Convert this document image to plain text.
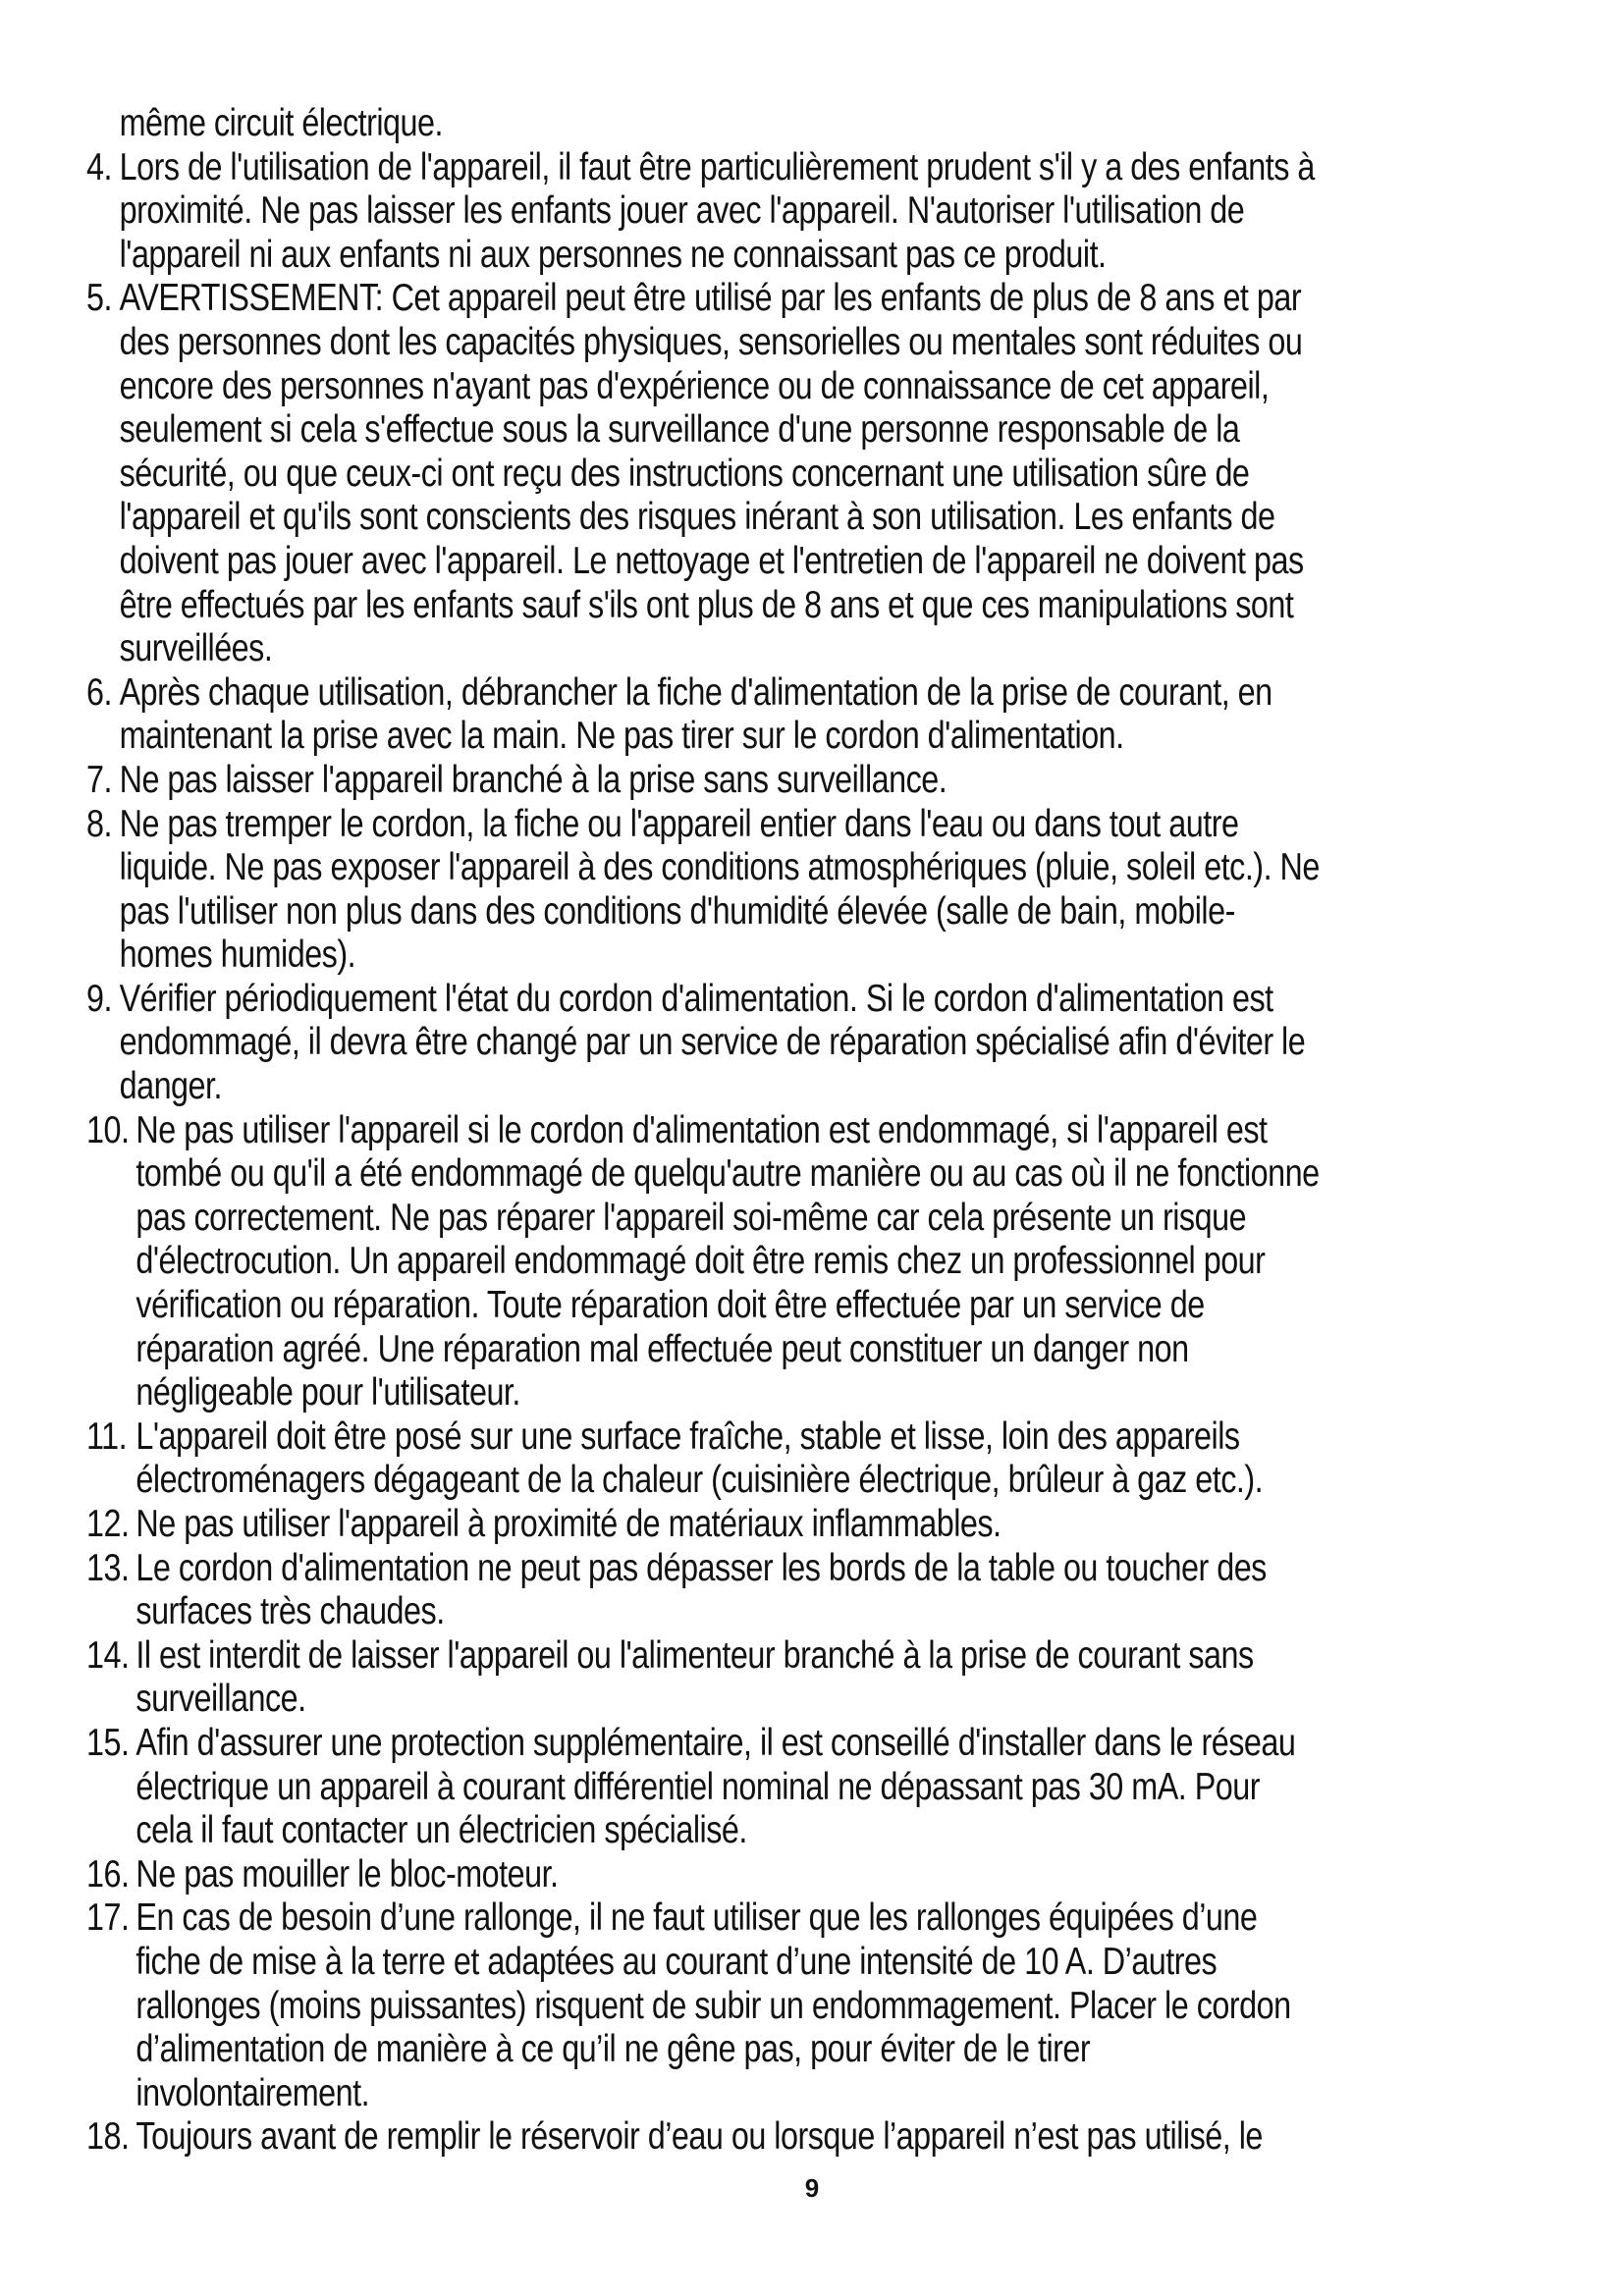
même circuit électrique.
4. Lors de l'utilisation de l'appareil, il faut être particulièrement prudent s'il y a des enfants à proximité. Ne pas laisser les enfants jouer avec l'appareil. N'autoriser l'utilisation de l'appareil ni aux enfants ni aux personnes ne connaissant pas ce produit.
5. AVERTISSEMENT: Cet appareil peut être utilisé par les enfants de plus de 8 ans et par des personnes dont les capacités physiques, sensorielles ou mentales sont réduites ou encore des personnes n'ayant pas d'expérience ou de connaissance de cet appareil, seulement si cela s'effectue sous la surveillance d'une personne responsable de la sécurité, ou que ceux-ci ont reçu des instructions concernant une utilisation sûre de l'appareil et qu'ils sont conscients des risques inérant à son utilisation. Les enfants de doivent pas jouer avec l'appareil. Le nettoyage et l'entretien de l'appareil ne doivent pas être effectués par les enfants sauf s'ils ont plus de 8 ans et que ces manipulations sont surveillées.
6. Après chaque utilisation, débrancher la fiche d'alimentation de la prise de courant, en maintenant la prise avec la main. Ne pas tirer sur le cordon d'alimentation.
7. Ne pas laisser l'appareil branché à la prise sans surveillance.
8. Ne pas tremper le cordon, la fiche ou l'appareil entier dans l'eau ou dans tout autre liquide. Ne pas exposer l'appareil à des conditions atmosphériques (pluie, soleil etc.). Ne pas l'utiliser non plus dans des conditions d'humidité élevée (salle de bain, mobile-homes humides).
9. Vérifier périodiquement l'état du cordon d'alimentation. Si le cordon d'alimentation est endommagé, il devra être changé par un service de réparation spécialisé afin d'éviter le danger.
10. Ne pas utiliser l'appareil si le cordon d'alimentation est endommagé, si l'appareil est tombé ou qu'il a été endommagé de quelqu'autre manière ou au cas où il ne fonctionne pas correctement. Ne pas réparer l'appareil soi-même car cela présente un risque d'électrocution. Un appareil endommagé doit être remis chez un professionnel pour vérification ou réparation. Toute réparation doit être effectuée par un service de réparation agréé. Une réparation mal effectuée peut constituer un danger non négligeable pour l'utilisateur.
11. L'appareil doit être posé sur une surface fraîche, stable et lisse, loin des appareils électroménagers dégageant de la chaleur (cuisinière électrique, brûleur à gaz etc.).
12. Ne pas utiliser l'appareil à proximité de matériaux inflammables.
13. Le cordon d'alimentation ne peut pas dépasser les bords de la table ou toucher des surfaces très chaudes.
14. Il est interdit de laisser l'appareil ou l'alimenteur branché à la prise de courant sans surveillance.
15. Afin d'assurer une protection supplémentaire, il est conseillé d'installer dans le réseau électrique un appareil à courant différentiel nominal ne dépassant pas 30 mA. Pour cela il faut contacter un électricien spécialisé.
16. Ne pas mouiller le bloc-moteur.
17. En cas de besoin d’une rallonge, il ne faut utiliser que les rallonges équipées d’une fiche de mise à la terre et adaptées au courant d’une intensité de 10 A. D’autres rallonges (moins puissantes) risquent de subir un endommagement. Placer le cordon d’alimentation de manière à ce qu’il ne gêne pas, pour éviter de le tirer involontairement.
18. Toujours avant de remplir le réservoir d’eau ou lorsque l’appareil n’est pas utilisé, le
9
